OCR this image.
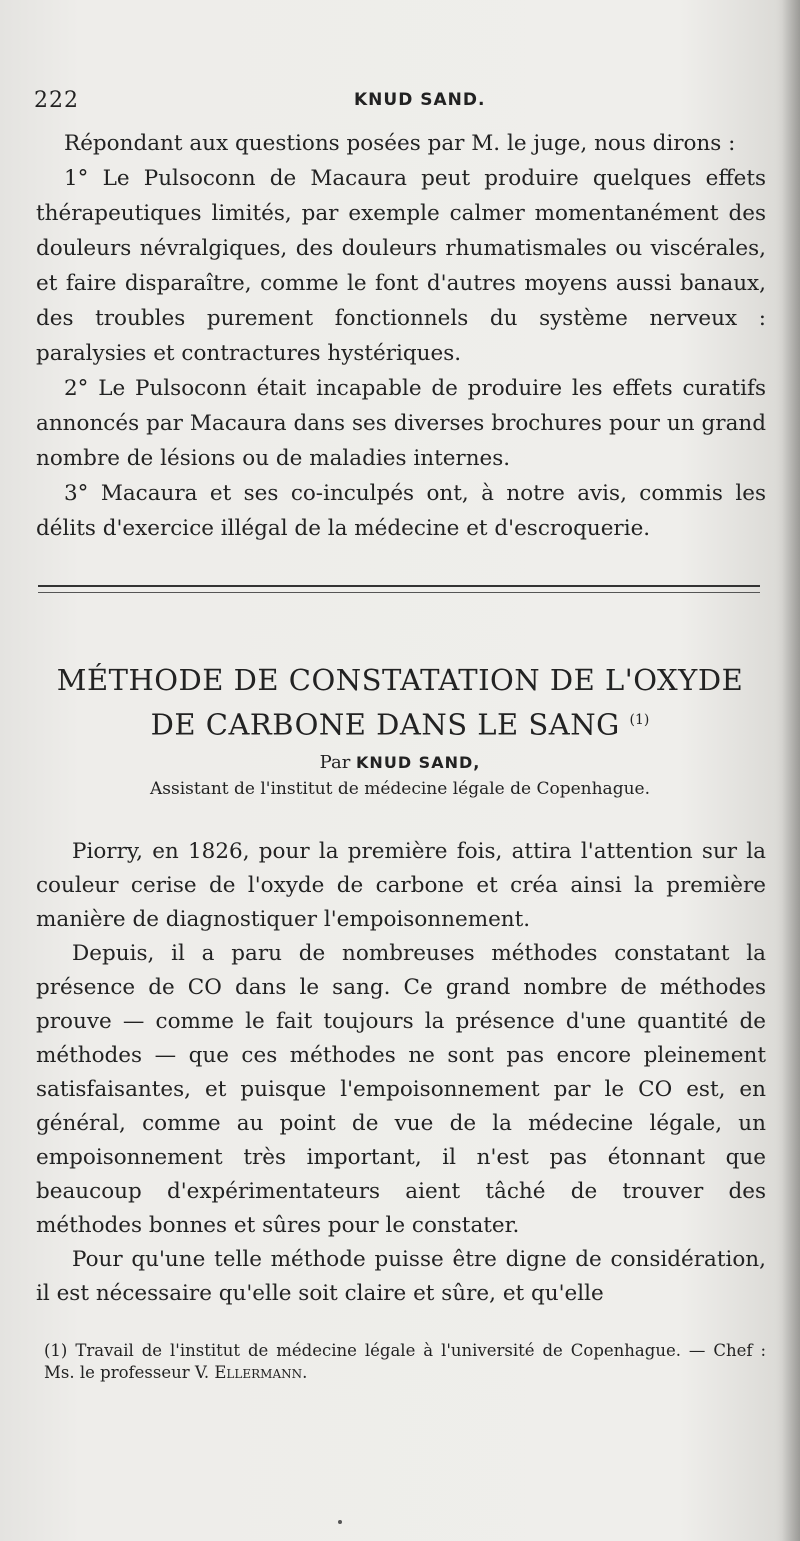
222	KNUD SAND.

Répondant aux questions posées par M. le juge, nous dirons :

1° Le Pulsoconn de Macaura peut produire quelques effets thérapeutiques limités, par exemple calmer momentanément des douleurs névralgiques, des douleurs rhumatismales ou viscérales, et faire disparaître, comme le font d'autres moyens aussi banaux, des troubles purement fonctionnels du système nerveux : paralysies et contractures hystériques.

2° Le Pulsoconn était incapable de produire les effets curatifs annoncés par Macaura dans ses diverses brochures pour un grand nombre de lésions ou de maladies internes.

3° Macaura et ses co-inculpés ont, à notre avis, commis les délits d'exercice illégal de la médecine et d'escroquerie.

MÉTHODE DE CONSTATATION DE L'OXYDE
DE CARBONE DANS LE SANG $^{(1)}$
Par KNUD SAND,
Assistant de l'institut de médecine légale de Copenhague.

Piorry, en 1826, pour la première fois, attira l'attention sur la couleur cerise de l'oxyde de carbone et créa ainsi la première manière de diagnostiquer l'empoisonnement.

Depuis, il a paru de nombreuses méthodes constatant la présence de CO dans le sang. Ce grand nombre de méthodes prouve — comme le fait toujours la présence d'une quantité de méthodes — que ces méthodes ne sont pas encore pleinement satisfaisantes, et puisque l'empoisonnement par le CO est, en général, comme au point de vue de la médecine légale, un empoisonnement très important, il n'est pas étonnant que beaucoup d'expérimentateurs aient tâché de trouver des méthodes bonnes et sûres pour le constater.

Pour qu'une telle méthode puisse être digne de considération, il est nécessaire qu'elle soit claire et sûre, et qu'elle

(1) Travail de l'institut de médecine légale à l'université de Copenhague. — Chef : Ms. le professeur V. Ellermann.
